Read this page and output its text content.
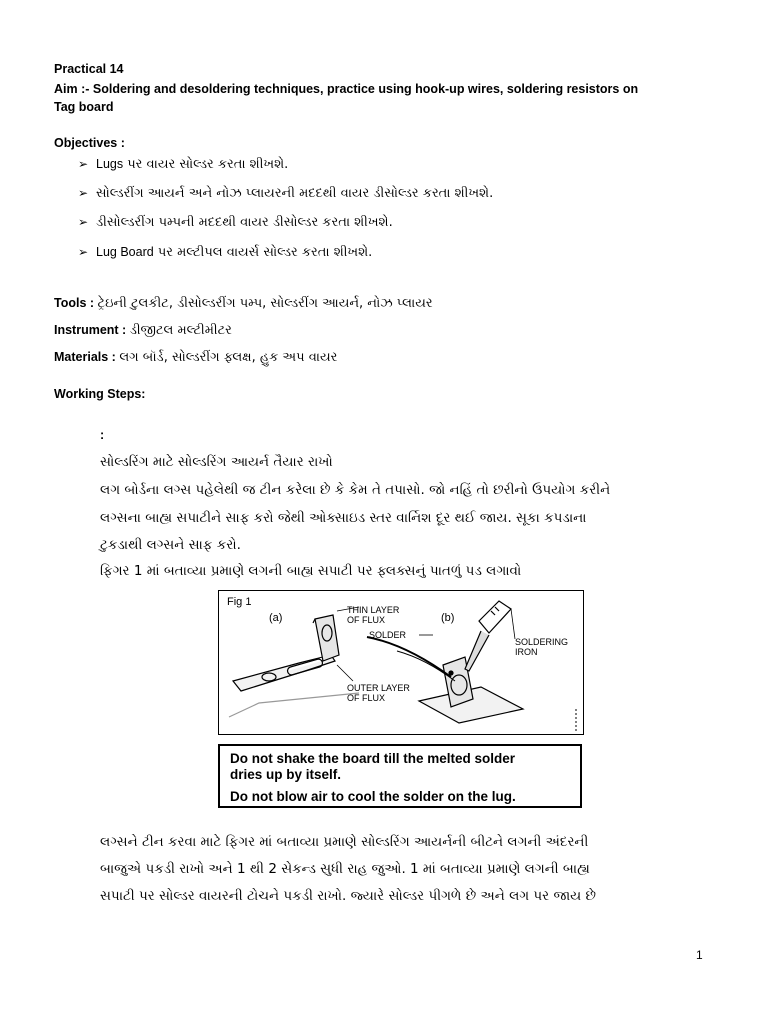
Practical 14
Aim :- Soldering and desoldering techniques, practice using hook-up wires, soldering resistors on
Tag board
Objectives :
➢ Lugs પર વાયર સોલ્ડર કરતા શીખશે.
➢ સોલ્ડરીંગ આયર્ન અને નોઝ પ્લાયરની મદદથી વાયર ડીસોલ્ડર કરતા શીખશે.
➢ ડીસોલ્ડરીંગ પમ્પની મદદથી વાયર ડીસોલ્ડર કરતા શીખશે.
➢ Lug Board પર મલ્ટીપલ વાયર્સ સોલ્ડર કરતા શીખશે.
Tools : ટ્રેઇની ટુલકીટ, ડીસોલ્ડરીંગ પમ્પ, સોલ્ડરીંગ આયર્ન, નોઝ પ્લાયર
Instrument : ડીજીટલ મલ્ટીમીટર
Materials : લગ બૉર્ડ, સોલ્ડરીંગ ફ્લક્ષ, હુક અપ વાયર
Working Steps:
:
સોલ્ડરિંગ માટે સોલ્ડરિંગ આયર્ન તૈયાર રાખો
લગ બોર્ડના લગ્સ પહેલેથી જ ટીન કરેલા છે કે કેમ તે તપાસો. જો નહિં તો છરીનો ઉપયોગ કરીને
લગ્સના બાહ્ય સપાટીને સાફ કરો જેથી ઓક્સાઇડ સ્તર વાર્નિશ દૂર થઈ જાય. સૂકા કપડાના
ટુકડાથી લગ્સને સાફ કરો.
ફિગર 1 માં બતાવ્યા પ્રમાણે લગની બાહ્ય સપાટી પર ફ્લક્સનું પાતળું પડ લગાવો
Fig 1
(a)	(b)
THIN LAYER
OF FLUX
OUTER LAYER
OF FLUX
SOLDER
SOLDERING
IRON

Do not shake the board till the melted solder

dries up by itself.

Do not blow air to cool the solder on the lug.

લગ્સને ટીન કરવા માટે ફિગર માં બતાવ્યા પ્રમાણે સોલ્ડરિંગ આયર્નની બીટને લગની અંદરની
બાજુએ પકડી રાખો અને 1 થી 2 સેકન્ડ સુધી રાહ જુઓ. 1 માં બતાવ્યા પ્રમાણે લગની બાહ્ય
સપાટી પર સોલ્ડર વાયરની ટોચને પકડી રાખો. જ્યારે સોલ્ડર પીગળે છે અને લગ પર જાય છે
1
